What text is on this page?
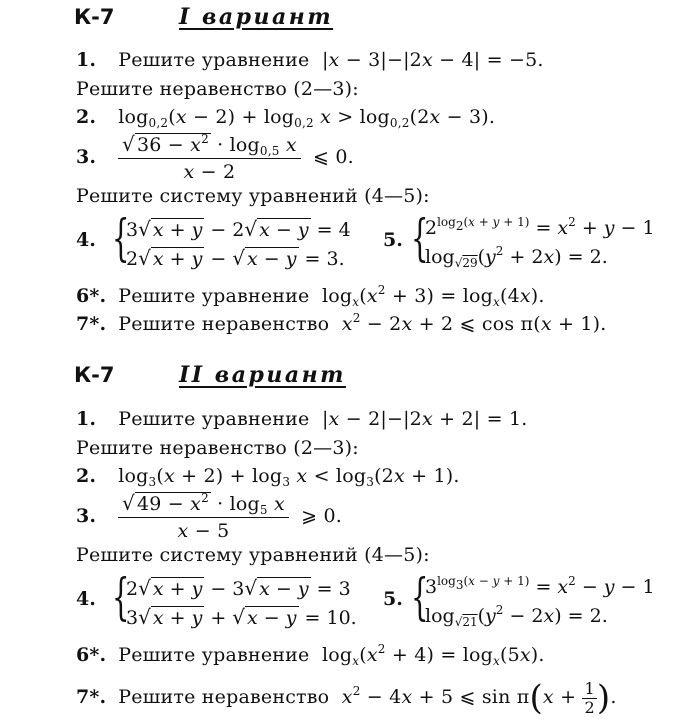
К-7	I вариант
1. Решите уравнение  |x − 3|−|2x − 4| = −5.
Решите неравенство (2—3):
2. $\log_{0,2}(x - 2) + \log_{0,2} x > \log_{0,2}(2x - 3)$.
3. $\frac{√ 36 - x^2 \cdot \log_{0,5} x}{x - 2}$ ⩽ 0.
Решите систему уравнений (4—5):
4. {
3√ x + y − 2√ x − y = 4
2√ x + y − √ x − y = 3.
5. {
$2^{log_2(x + y + 1)} = x^2 + y - 1$
$\log_{√29}(y^2 + 2x) = 2$.
6*. Решите уравнение  $\log_x(x^2 + 3) = \log_x(4x)$.
7*. Решите неравенство $x^2 - 2x + 2$ ⩽ cos π(x + 1).
К-7	II вариант
1. Решите уравнение  |x − 2|−|2x + 2| = 1.
Решите неравенство (2—3):
2. $\log_3(x + 2) + \log_3 x < \log_3(2x + 1)$.
3. $\frac{√ 49 - x^2 \cdot \log_5 x}{x - 5}$ ⩾ 0.
Решите систему уравнений (4—5):
4. {
2√ x + y − 3√ x − y = 3
3√ x + y + √ x − y = 10.
5. {
$3^{log_3(x - y + 1)} = x^2 - y - 1$
$\log_{√21}(y^2 - 2x) = 2$.
6*. Решите уравнение  $\log_x(x^2 + 4) = \log_x(5x)$.
7*. Решите неравенство $x^2 - 4x + 5$ ⩽ $\sin \pi(x + \frac{1}{2}$ ).
